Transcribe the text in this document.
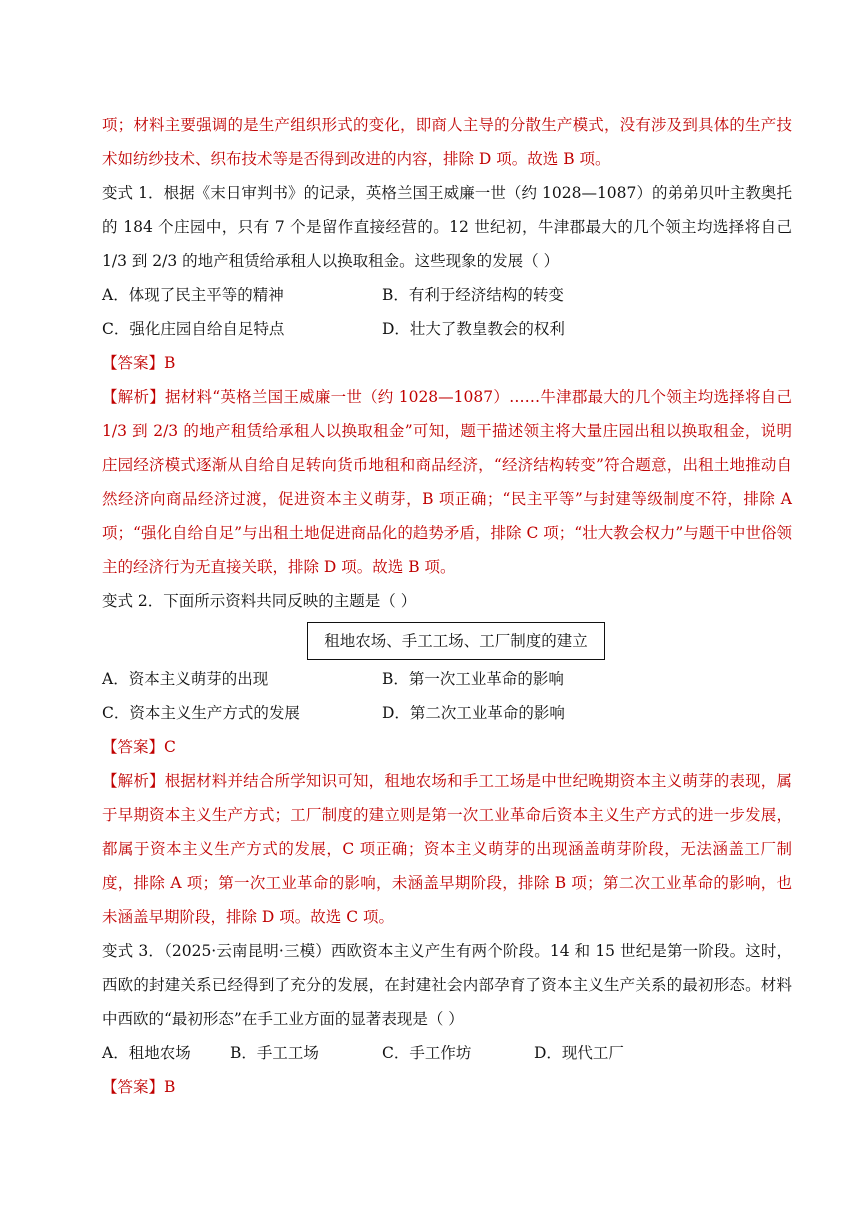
项；材料主要强调的是生产组织形式的变化，即商人主导的分散生产模式，没有涉及到具体的生产技术如纺纱技术、织布技术等是否得到改进的内容，排除 D 项。故选 B 项。

变式 1．根据《末日审判书》的记录，英格兰国王威廉一世（约 1028—1087）的弟弟贝叶主教奥托的 184 个庄园中，只有 7 个是留作直接经营的。12 世纪初，牛津郡最大的几个领主均选择将自己 1/3 到 2/3 的地产租赁给承租人以换取租金。这些现象的发展（ ）

A．体现了民主平等的精神	B．有利于经济结构的转变
C．强化庄园自给自足特点	D．壮大了教皇教会的权利
【答案】B

【解析】据材料“英格兰国王威廉一世（约 1028—1087）……牛津郡最大的几个领主均选择将自己 1/3 到 2/3 的地产租赁给承租人以换取租金”可知，题干描述领主将大量庄园出租以换取租金，说明庄园经济模式逐渐从自给自足转向货币地租和商品经济，“经济结构转变”符合题意，出租土地推动自然经济向商品经济过渡，促进资本主义萌芽，B 项正确；“民主平等”与封建等级制度不符，排除 A 项；“强化自给自足”与出租土地促进商品化的趋势矛盾，排除 C 项；“壮大教会权力”与题干中世俗领主的经济行为无直接关联，排除 D 项。故选 B 项。

变式 2．下面所示资料共同反映的主题是（ ）

租地农场、手工工场、工厂制度的建立
A．资本主义萌芽的出现	B．第一次工业革命的影响
C．资本主义生产方式的发展	D．第二次工业革命的影响
【答案】C

【解析】根据材料并结合所学知识可知，租地农场和手工工场是中世纪晚期资本主义萌芽的表现，属于早期资本主义生产方式；工厂制度的建立则是第一次工业革命后资本主义生产方式的进一步发展，都属于资本主义生产方式的发展，C 项正确；资本主义萌芽的出现涵盖萌芽阶段，无法涵盖工厂制度，排除 A 项；第一次工业革命的影响，未涵盖早期阶段，排除 B 项；第二次工业革命的影响，也未涵盖早期阶段，排除 D 项。故选 C 项。

变式 3．（2025·云南昆明·三模）西欧资本主义产生有两个阶段。14 和 15 世纪是第一阶段。这时，西欧的封建关系已经得到了充分的发展，在封建社会内部孕育了资本主义生产关系的最初形态。材料中西欧的“最初形态”在手工业方面的显著表现是（ ）

A．租地农场	B．手工工场	C．手工作坊	D．现代工厂
【答案】B
